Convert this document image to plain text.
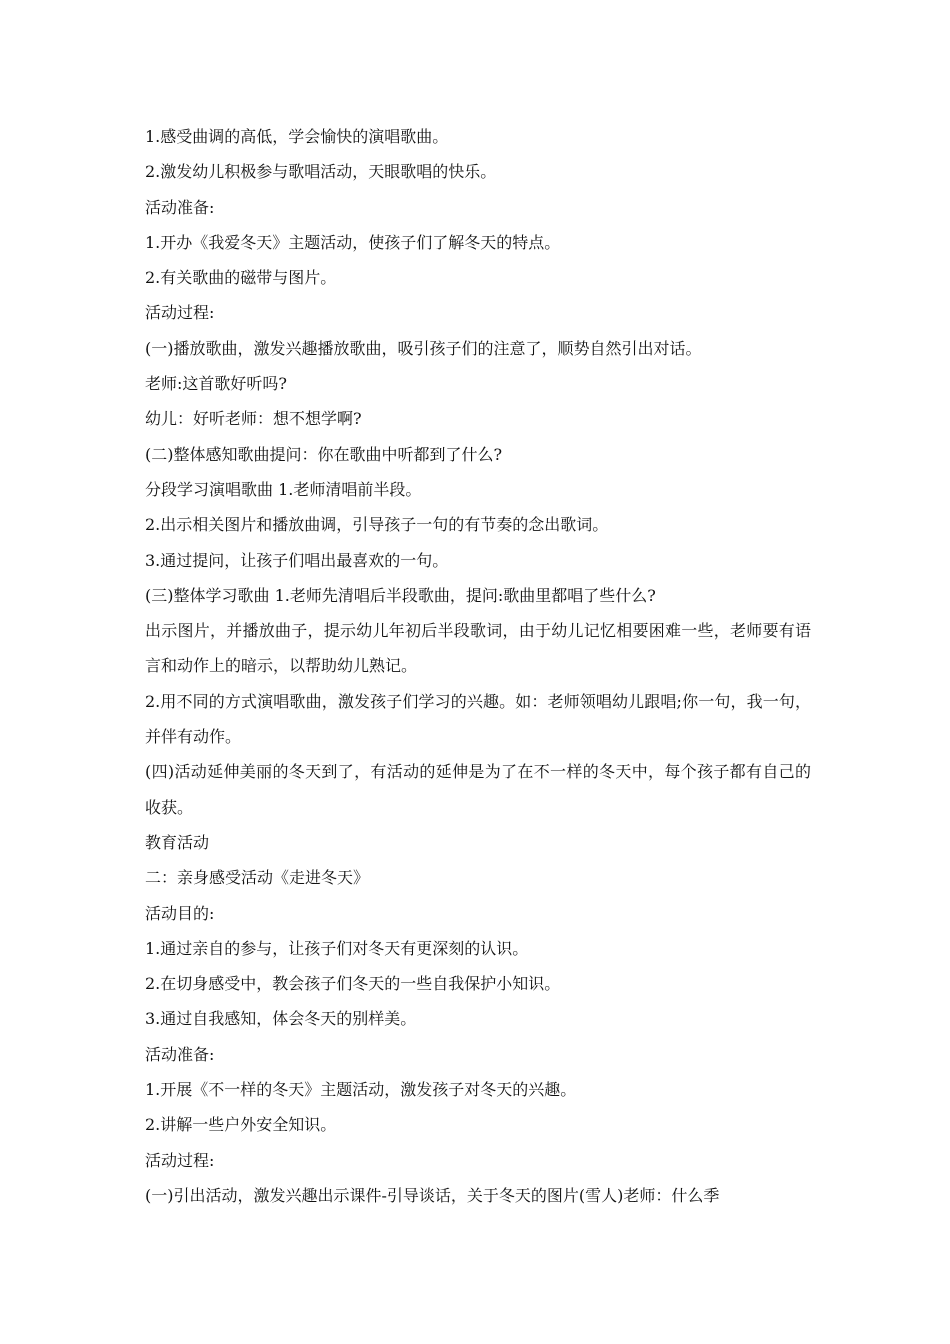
1.感受曲调的高低，学会愉快的演唱歌曲。

2.激发幼儿积极参与歌唱活动，天眼歌唱的快乐。

活动准备:

1.开办《我爱冬天》主题活动，使孩子们了解冬天的特点。

2.有关歌曲的磁带与图片。

活动过程:

(一)播放歌曲，激发兴趣播放歌曲，吸引孩子们的注意了，顺势自然引出对话。

老师:这首歌好听吗?

幼儿：好听老师：想不想学啊?

(二)整体感知歌曲提问：你在歌曲中听都到了什么?

分段学习演唱歌曲 1.老师清唱前半段。

2.出示相关图片和播放曲调，引导孩子一句的有节奏的念出歌词。

3.通过提问，让孩子们唱出最喜欢的一句。

(三)整体学习歌曲 1.老师先清唱后半段歌曲，提问:歌曲里都唱了些什么?

出示图片，并播放曲子，提示幼儿年初后半段歌词，由于幼儿记忆相要困难一些，老师要有语言和动作上的暗示，以帮助幼儿熟记。

2.用不同的方式演唱歌曲，激发孩子们学习的兴趣。如：老师领唱幼儿跟唱;你一句，我一句，并伴有动作。

(四)活动延伸美丽的冬天到了，有活动的延伸是为了在不一样的冬天中，每个孩子都有自己的收获。

教育活动

二：亲身感受活动《走进冬天》

活动目的:

1.通过亲自的参与，让孩子们对冬天有更深刻的认识。

2.在切身感受中，教会孩子们冬天的一些自我保护小知识。

3.通过自我感知，体会冬天的别样美。

活动准备:

1.开展《不一样的冬天》主题活动，激发孩子对冬天的兴趣。

2.讲解一些户外安全知识。

活动过程:

(一)引出活动，激发兴趣出示课件-引导谈话，关于冬天的图片(雪人)老师：什么季
